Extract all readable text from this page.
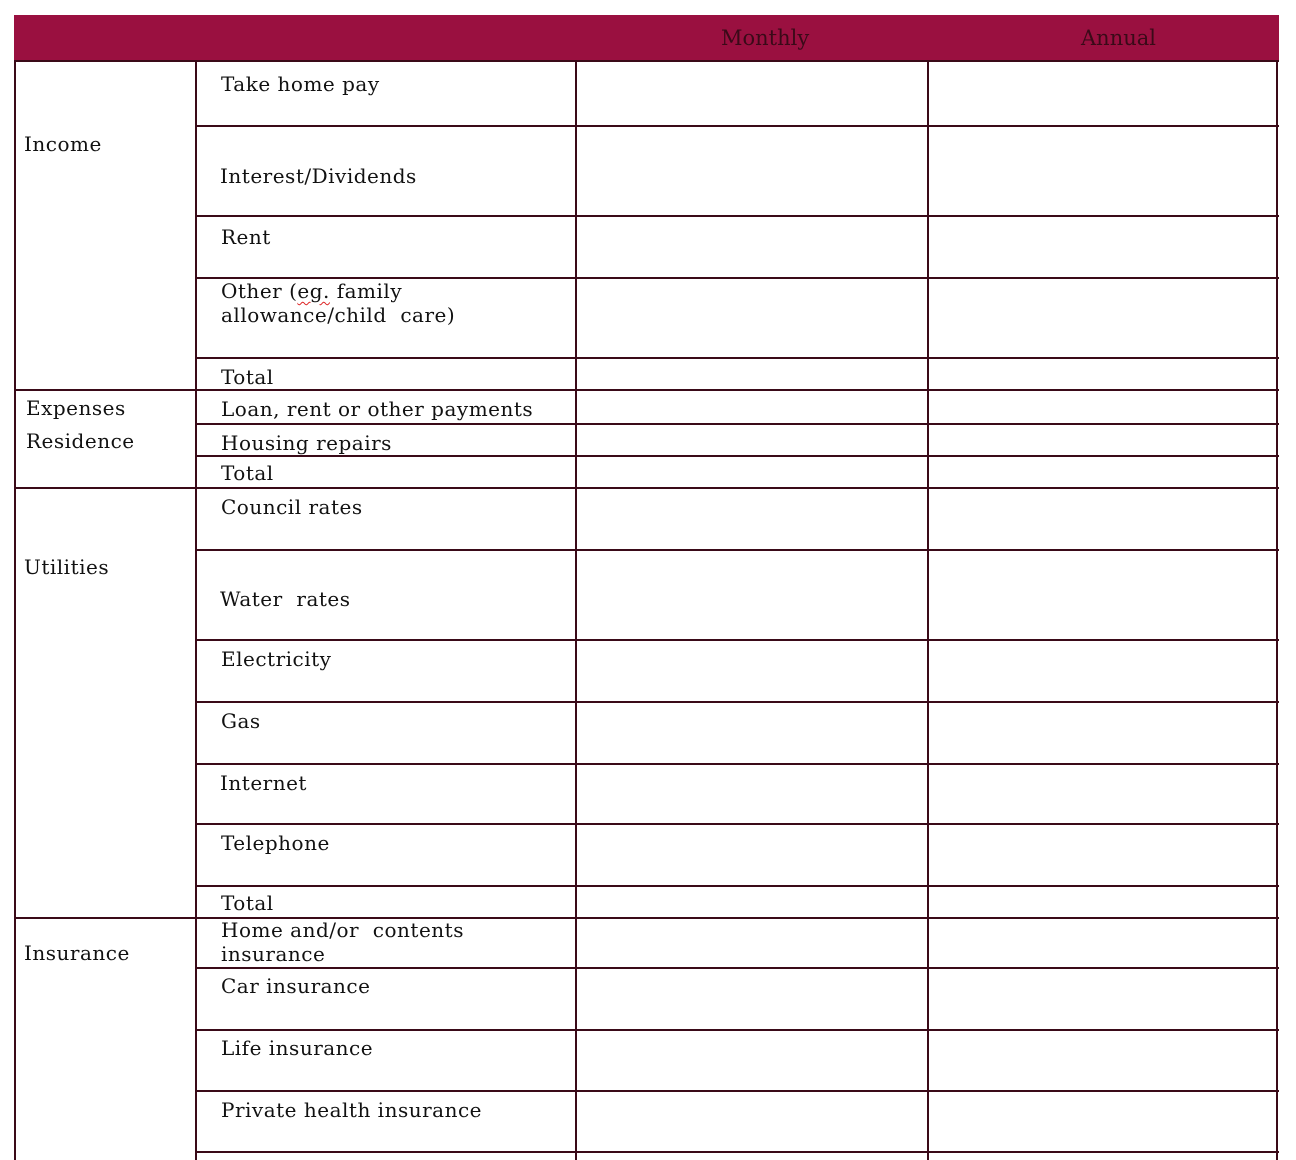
Monthly	Annual
Income
Expenses
Residence
Utilities
Insurance
Take home pay
Interest/Dividends
Rent
Other (eg. family
allowance/child  care)
Total
Loan, rent or other payments
Housing repairs
Total
Council rates
Water  rates
Electricity
Gas
Internet
Telephone
Total
Home and/or  contents
insurance
Car insurance
Life insurance
Private health insurance
